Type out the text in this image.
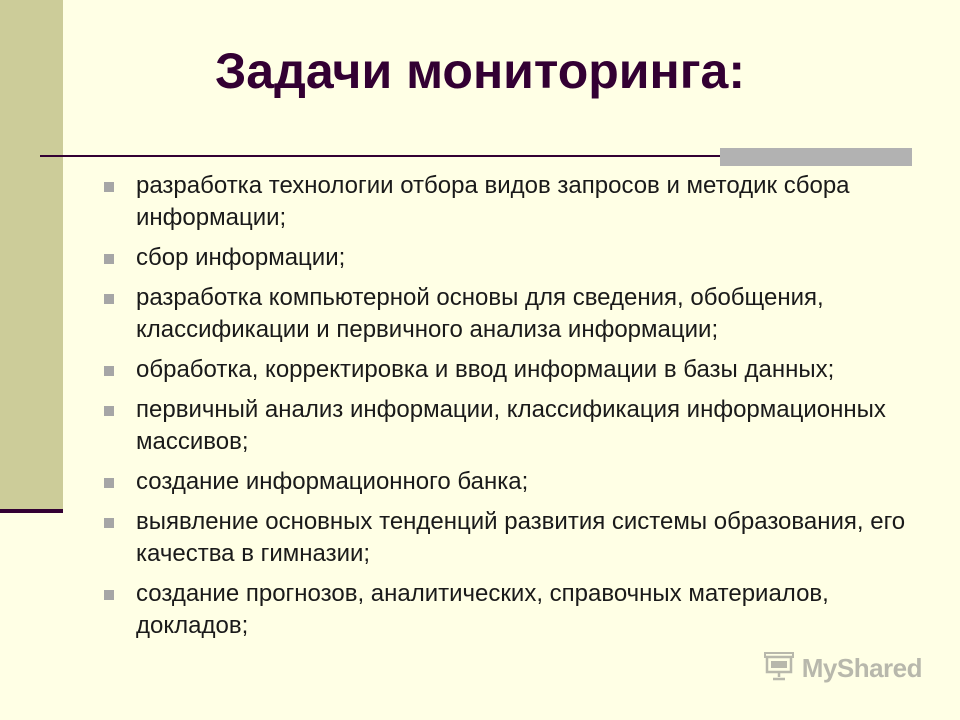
Задачи мониторинга:
разработка технологии отбора видов запросов и методик сбора информации;
сбор информации;
разработка компьютерной основы для сведения, обобщения, классификации и первичного анализа информации;
обработка, корректировка и ввод информации в базы данных;
первичный анализ информации, классификация информационных массивов;
создание информационного банка;
выявление основных тенденций развития системы образования, его качества в гимназии;
создание прогнозов, аналитических, справочных материалов, докладов;
MyShared
